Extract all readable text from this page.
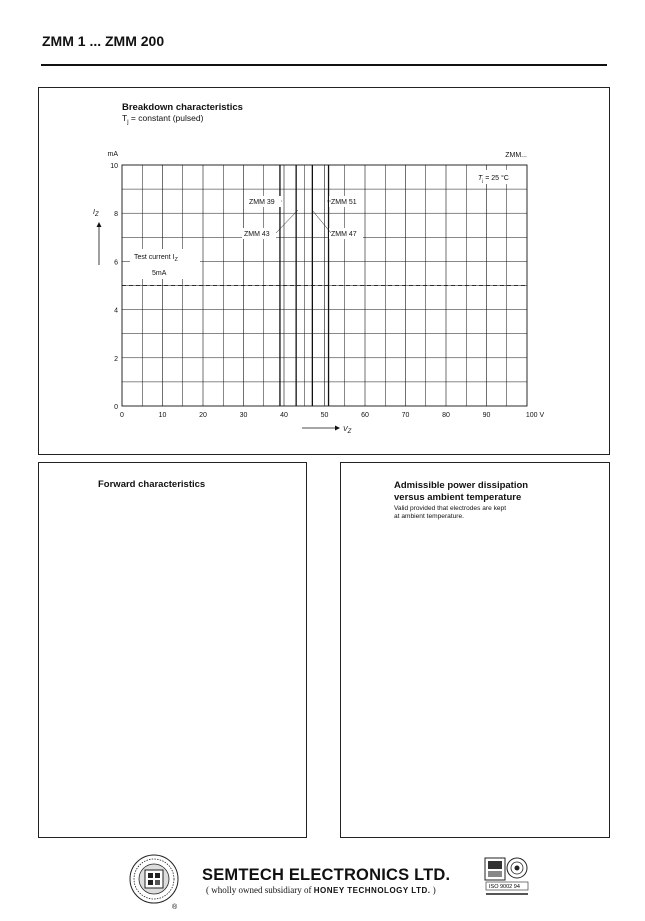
ZMM 1 ... ZMM 200
Breakdown characteristics
$T_j$ = constant (pulsed)
0	10	20	30	40	50	60	70	80	90	100 V
0
2
4
6
8
10
mA	ZMM...
$T_j = 25$ °C
Test current $I_Z$
5mA
ZMM 39
ZMM 43	ZMM 47
ZMM 51
IZ
VZ
Forward characteristics	Admissible power dissipation
versus ambient temperature
Valid provided that electrodes are kept
at ambient temperature.
®
SEMTECH ELECTRONICS LTD.
( wholly owned subsidiary of HONEY TECHNOLOGY LTD. )	ISO 9002 94
